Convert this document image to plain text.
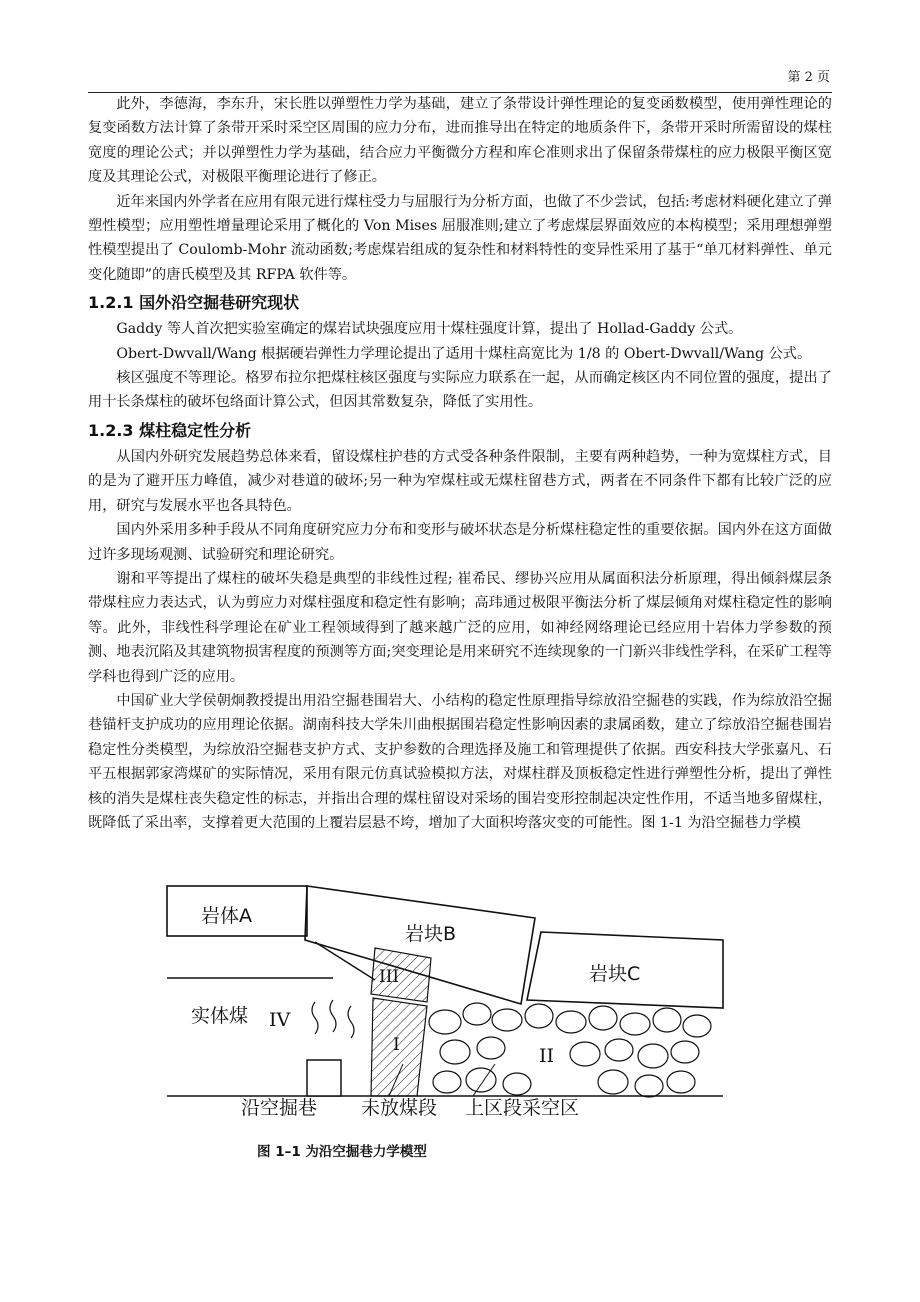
第 2 页

此外，李德海，李东升，宋长胜以弹塑性力学为基础，建立了条带设计弹性理论的复变函数模型，使用弹性理论的复变函数方法计算了条带开采时采空区周围的应力分布，进而推导出在特定的地质条件下，条带开采时所需留设的煤柱宽度的理论公式；并以弹塑性力学为基础，结合应力平衡微分方程和库仑准则求出了保留条带煤柱的应力极限平衡区宽度及其理论公式，对极限平衡理论进行了修正。

近年来国内外学者在应用有限元进行煤柱受力与屈服行为分析方面，也做了不少尝试，包括:考虑材料硬化建立了弹塑性模型；应用塑性增量理论采用了概化的 Von Mises 屈服准则;建立了考虑煤层界面效应的本构模型；采用理想弹塑性模型提出了 Coulomb-Mohr 流动函数;考虑煤岩组成的复杂性和材料特性的变异性采用了基于“单兀材料弹性、单元变化随即”的唐氏模型及其 RFPA 软件等。

1.2.1 国外沿空掘巷研究现状

Gaddy 等人首次把实验室确定的煤岩试块强度应用十煤柱强度计算，提出了 Hollad-Gaddy 公式。

Obert-Dwvall/Wang 根据硬岩弹性力学理论提出了适用十煤柱高宽比为 1/8 的 Obert-Dwvall/Wang 公式。

核区强度不等理论。格罗布拉尔把煤柱核区强度与实际应力联系在一起，从而确定核区内不同位置的强度，提出了用十长条煤柱的破坏包络面计算公式，但因其常数复杂，降低了实用性。

1.2.3 煤柱稳定性分析

从国内外研究发展趋势总体来看，留设煤柱护巷的方式受各种条件限制，主要有两种趋势，一种为宽煤柱方式，目的是为了避开压力峰值，减少对巷道的破坏;另一种为窄煤柱或无煤柱留巷方式，两者在不同条件下都有比较广泛的应用，研究与发展水平也各具特色。

国内外采用多种手段从不同角度研究应力分布和变形与破坏状态是分析煤柱稳定性的重要依据。国内外在这方面做过许多现场观测、试验研究和理论研究。

谢和平等提出了煤柱的破坏失稳是典型的非线性过程; 崔希民、缪协兴应用从属面积法分析原理，得出倾斜煤层条带煤柱应力表达式，认为剪应力对煤柱强度和稳定性有影响；高玮通过极限平衡法分析了煤层倾角对煤柱稳定性的影响等。此外，非线性科学理论在矿业工程领域得到了越来越广泛的应用，如神经网络理论已经应用十岩体力学参数的预测、地表沉陷及其建筑物损害程度的预测等方面;突变理论是用来研究不连续现象的一门新兴非线性学科，在采矿工程等学科也得到广泛的应用。

中国矿业大学侯朝炯教授提出用沿空掘巷围岩大、小结构的稳定性原理指导综放沿空掘巷的实践，作为综放沿空掘巷锚杆支护成功的应用理论依据。湖南科技大学朱川曲根据围岩稳定性影响因素的隶属函数，建立了综放沿空掘巷围岩稳定性分类模型，为综放沿空掘巷支护方式、支护参数的合理选择及施工和管理提供了依据。西安科技大学张嘉凡、石平五根据郭家湾煤矿的实际情况，采用有限元仿真试验模拟方法，对煤柱群及顶板稳定性进行弹塑性分析，提出了弹性核的消失是煤柱丧失稳定性的标志，并指出合理的煤柱留设对采场的围岩变形控制起决定性作用，不适当地多留煤柱，既降低了采出率，支撑着更大范围的上覆岩层悬不垮，增加了大面积垮落灾变的可能性。图 1-1 为沿空掘巷力学模

岩体A
岩块B
岩块C
实体煤 IV
III
I	II
沿空掘巷 未放煤段 上区段采空区
图 1–1 为沿空掘巷力学模型
